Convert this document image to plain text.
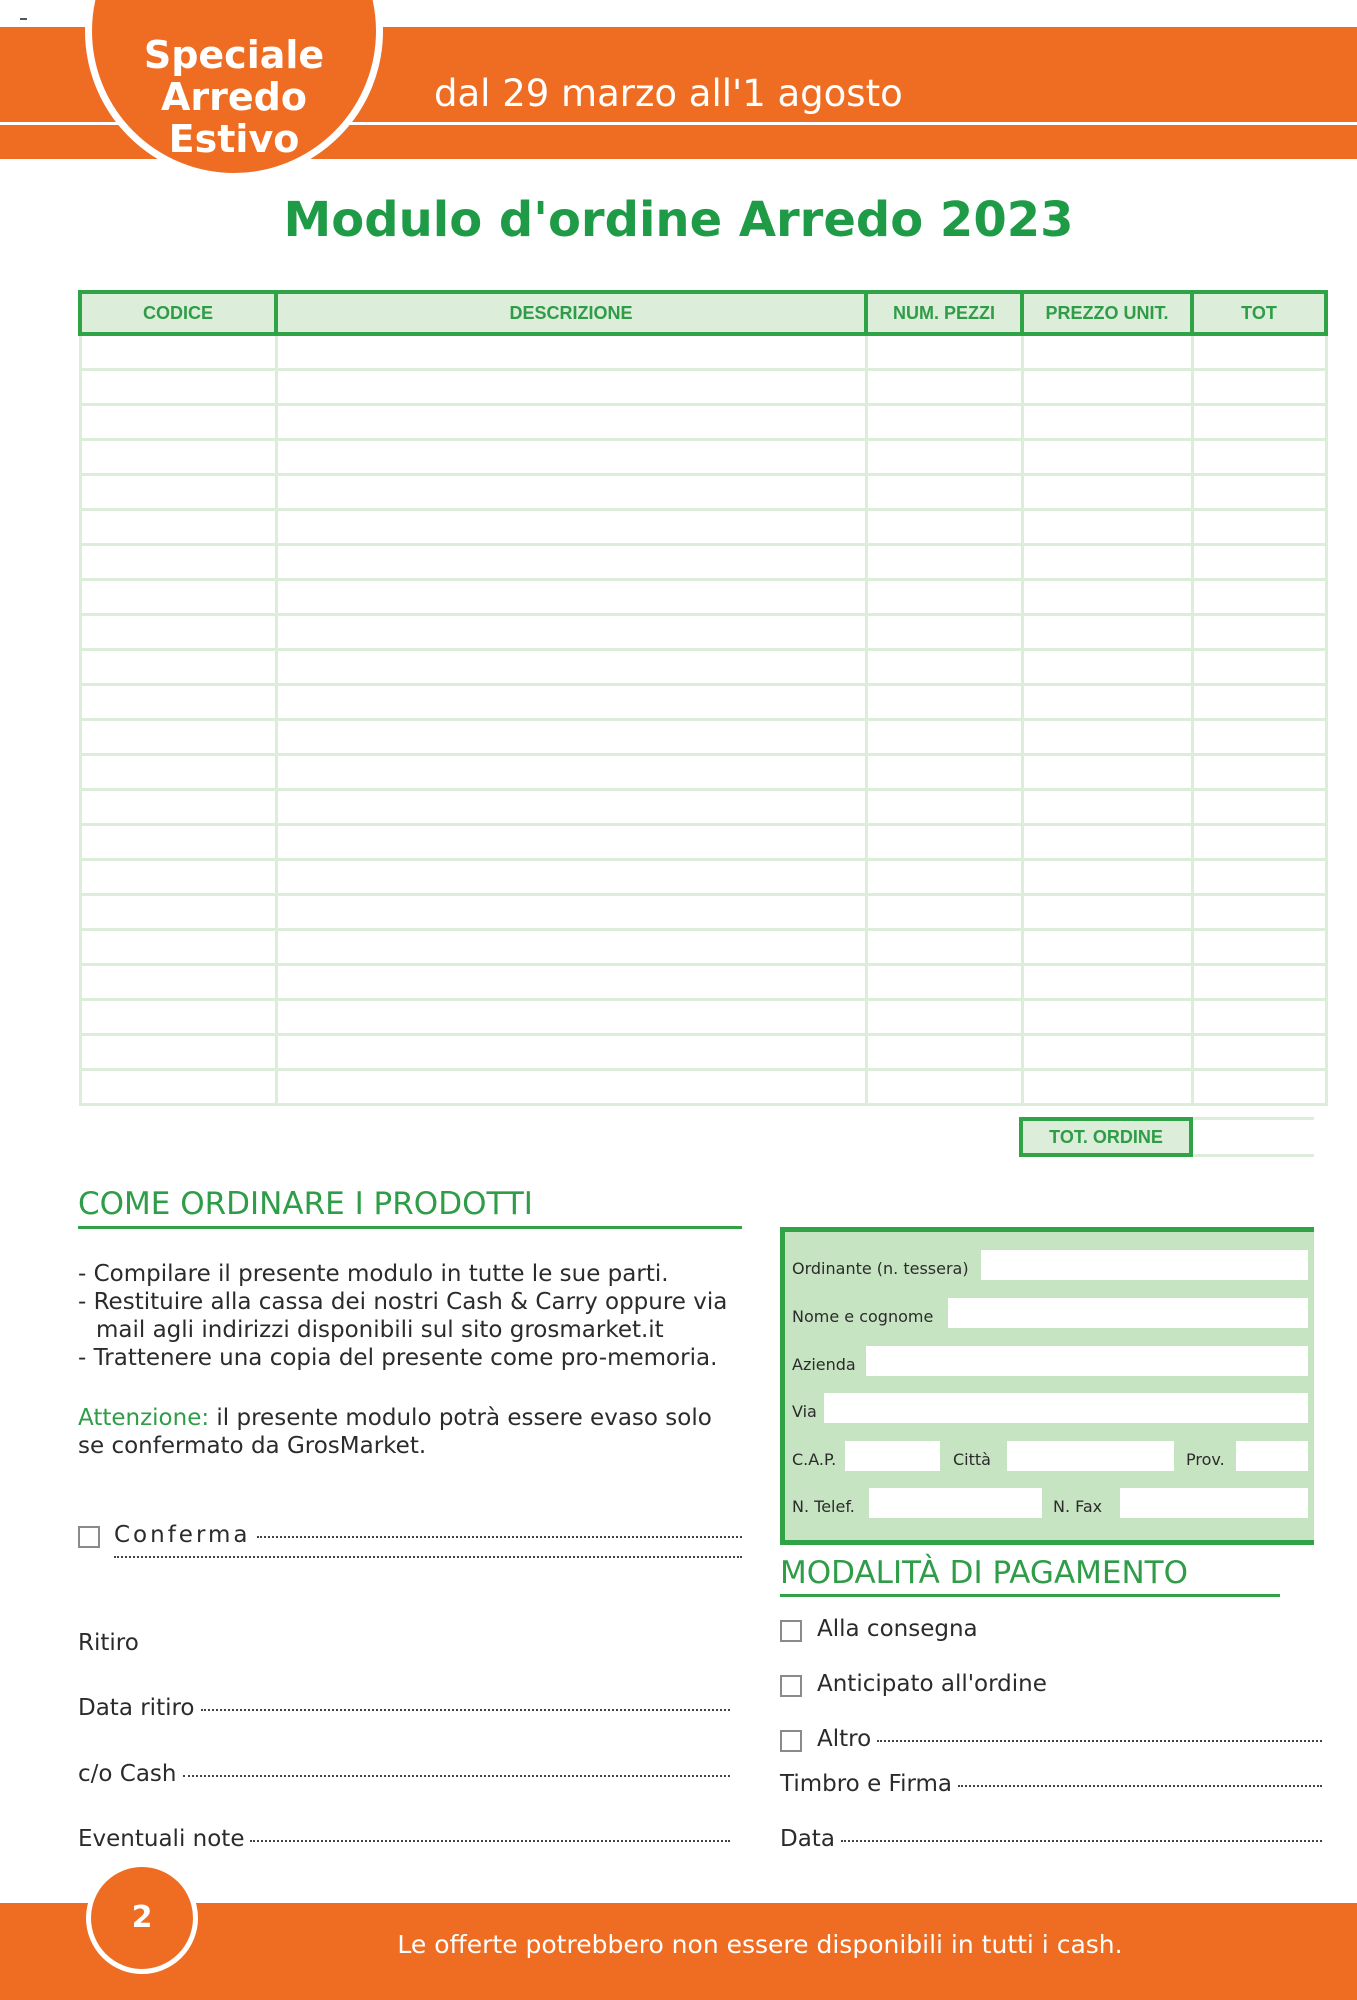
Speciale
Arredo
Estivo
dal 29 marzo all'1 agosto
Modulo d'ordine Arredo 2023
CODICE	DESCRIZIONE	NUM. PEZZI	PREZZO UNIT.	TOT

TOT. ORDINE
COME ORDINARE I PRODOTTI
- Compilare il presente modulo in tutte le sue parti.
- Restituire alla cassa dei nostri Cash & Carry oppure via mail agli indirizzi disponibili sul sito grosmarket.it
- Trattenere una copia del presente come pro-memoria.
Attenzione: il presente modulo potrà essere evaso solo se confermato da GrosMarket.
Conferma
Ritiro
Data ritiro
c/o Cash
Eventuali note
Ordinante (n. tessera)
Nome e cognome
Azienda
Via
C.A.P.	Città	Prov.
N. Telef.	N. Fax
MODALITÀ DI PAGAMENTO
Alla consegna
Anticipato all'ordine
Altro
Timbro e Firma
Data
2
Le offerte potrebbero non essere disponibili in tutti i cash.
